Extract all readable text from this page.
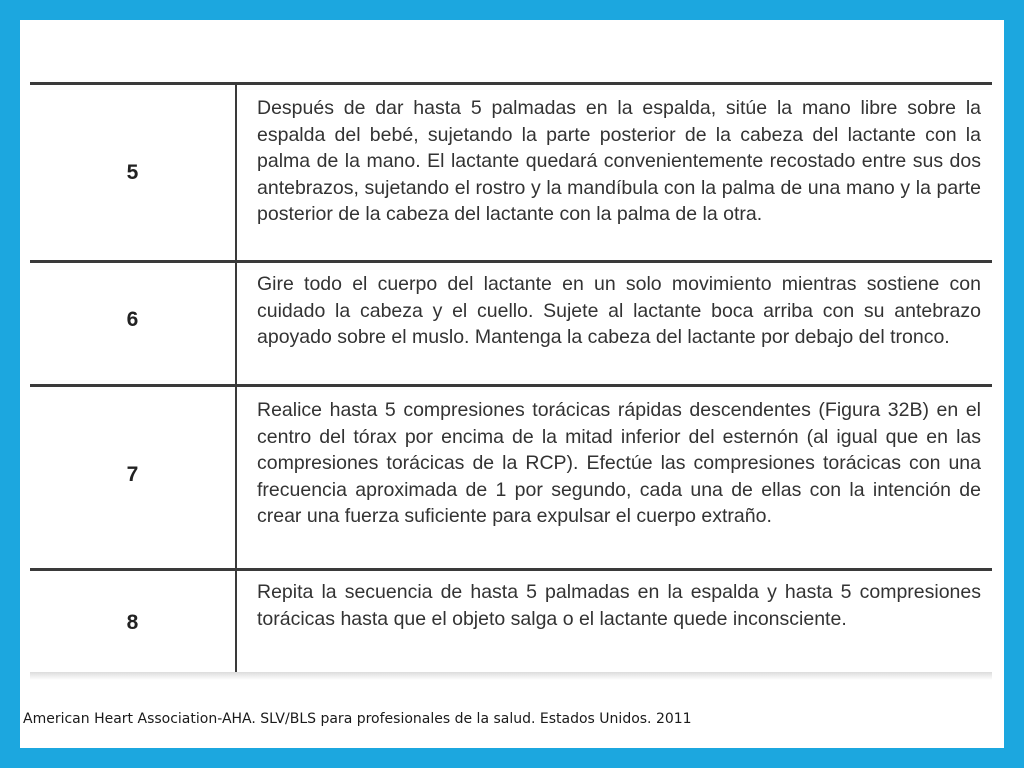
5
Después de dar hasta 5 palmadas en la espalda, sitúe la mano libre sobre la espalda del bebé, sujetando la parte posterior de la cabeza del lactante con la palma de la mano. El lactante quedará convenientemente recostado entre sus dos antebrazos, sujetando el rostro y la mandíbula con la palma de una mano y la parte posterior de la cabeza del lactante con la palma de la otra.
6
Gire todo el cuerpo del lactante en un solo movimiento mientras sostiene con cuidado la cabeza y el cuello. Sujete al lactante boca arriba con su antebrazo apoyado sobre el muslo. Mantenga la cabeza del lactante por debajo del tronco.
7
Realice hasta 5 compresiones torácicas rápidas descendentes (Figura 32B) en el centro del tórax por encima de la mitad inferior del esternón (al igual que en las compresiones torácicas de la RCP). Efectúe las compresiones torácicas con una frecuencia aproximada de 1 por segundo, cada una de ellas con la intención de crear una fuerza suficiente para expulsar el cuerpo extraño.
8
Repita la secuencia de hasta 5 palmadas en la espalda y hasta 5 compresiones torácicas hasta que el objeto salga o el lactante quede inconsciente.
American Heart Association-AHA. SLV/BLS para profesionales de la salud. Estados Unidos. 2011
